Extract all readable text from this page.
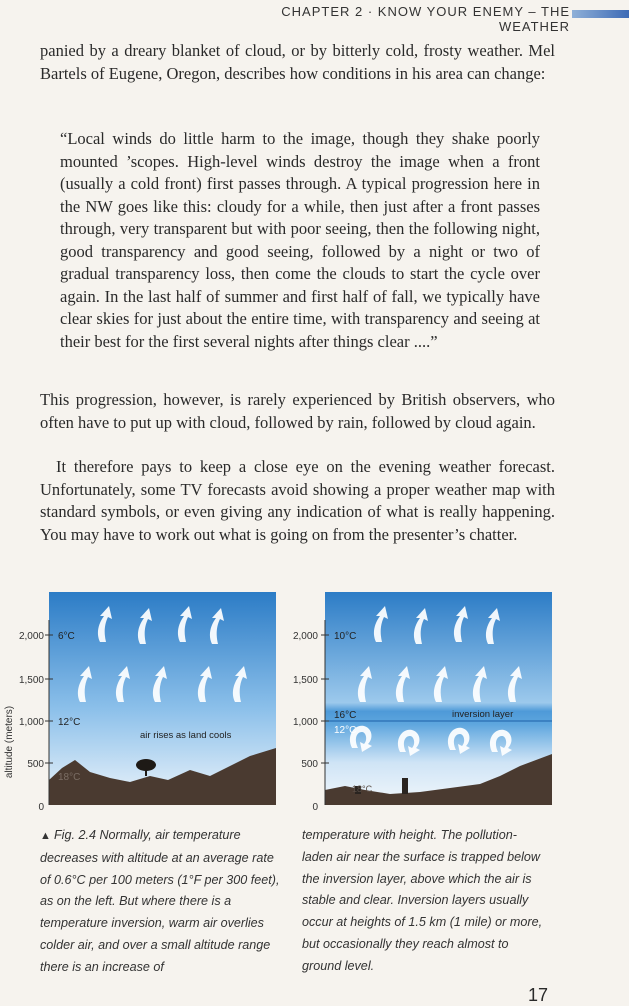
CHAPTER 2 · KNOW YOUR ENEMY – THE WEATHER

panied by a dreary blanket of cloud, or by bitterly cold, frosty weather. Mel Bartels of Eugene, Oregon, describes how conditions in his area can change:

“Local winds do little harm to the image, though they shake poorly mounted ’scopes. High-level winds destroy the image when a front (usually a cold front) first passes through. A typical progression here in the NW goes like this: cloudy for a while, then just after a front passes through, very transparent but with poor seeing, then the following night, good transparency and good seeing, followed by a night or two of gradual transparency loss, then come the clouds to start the cycle over again. In the last half of summer and first half of fall, we typically have clear skies for just about the entire time, with transparency and seeing at their best for the first several nights after things clear ....”

This progression, however, is rarely experienced by British observers, who often have to put up with cloud, followed by rain, followed by cloud again.

It therefore pays to keep a close eye on the evening weather forecast. Unfortunately, some TV forecasts avoid showing a proper weather map with standard symbols, or even giving any indication of what is really happening. You may have to work out what is going on from the presenter’s chatter.

altitude (meters)
2,000
1,500
1,000
500
0
6°C
12°C
18°C
air rises as land cools
2,000
1,500
1,000
500
0
10°C
16°C
12°C
18°C
inversion layer
▲ Fig. 2.4 Normally, air temperature decreases with altitude at an average rate of 0.6°C per 100 meters (1°F per 300 feet), as on the left. But where there is a temperature inversion, warm air overlies colder air, and over a small altitude range there is an increase of
temperature with height. The pollution-laden air near the surface is trapped below the inversion layer, above which the air is stable and clear. Inversion layers usually occur at heights of 1.5 km (1 mile) or more, but occasionally they reach almost to ground level.
17
